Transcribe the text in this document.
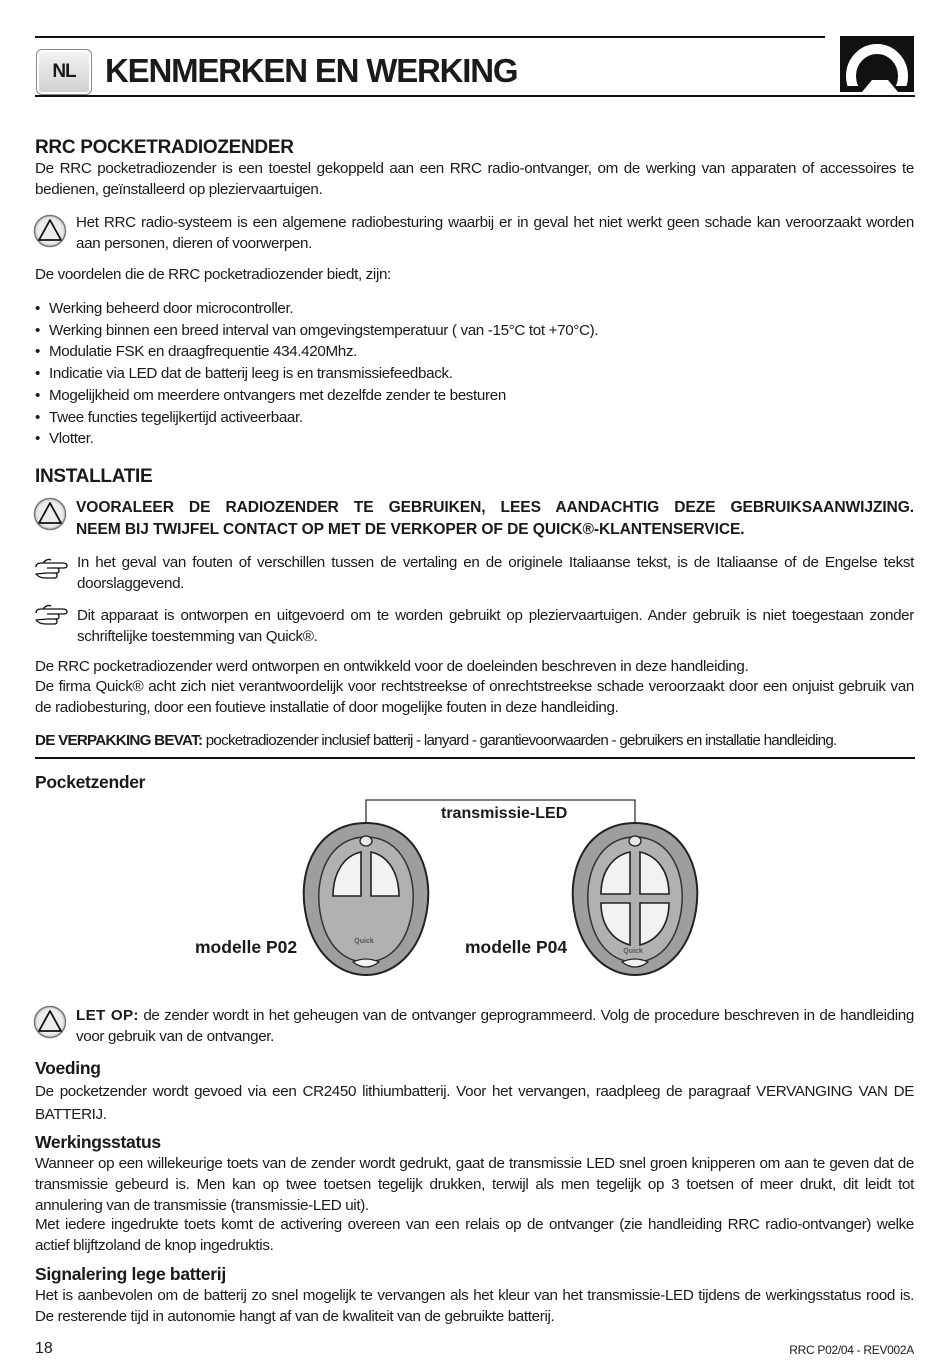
NL KENMERKEN EN WERKING
RRC POCKETRADIOZENDER
De RRC pocketradiozender is een toestel gekoppeld aan een RRC radio-ontvanger, om de werking van apparaten of accessoires te bedienen, geïnstalleerd op pleziervaartuigen.
Het RRC radio-systeem is een algemene radiobesturing waarbij er in geval het niet werkt geen schade kan veroorzaakt worden aan personen, dieren of voorwerpen.
De voordelen die de RRC pocketradiozender biedt, zijn:
• Werking beheerd door microcontroller.
• Werking binnen een breed interval van omgevingstemperatuur ( van -15°C tot +70°C).
• Modulatie FSK en draagfrequentie 434.420Mhz.
• Indicatie via LED dat de batterij leeg is en transmissiefeedback.
• Mogelijkheid om meerdere ontvangers met dezelfde zender te besturen
• Twee functies tegelijkertijd activeerbaar.
• Vlotter.
INSTALLATIE
VOORALEER DE RADIOZENDER TE GEBRUIKEN, LEES AANDACHTIG DEZE GEBRUIKSAANWIJZING.
NEEM BIJ TWIJFEL CONTACT OP MET DE VERKOPER OF DE QUICK®-KLANTENSERVICE.
In het geval van fouten of verschillen tussen de vertaling en de originele Italiaanse tekst, is de Italiaanse of de Engelse tekst doorslaggevend.
Dit apparaat is ontworpen en uitgevoerd om te worden gebruikt op pleziervaartuigen. Ander gebruik is niet toegestaan zonder schriftelijke toestemming van Quick®.
De RRC pocketradiozender werd ontworpen en ontwikkeld voor de doeleinden beschreven in deze handleiding.
De firma Quick® acht zich niet verantwoordelijk voor rechtstreekse of onrechtstreekse schade veroorzaakt door een onjuist gebruik van de radiobesturing, door een foutieve installatie of door mogelijke fouten in deze handleiding.
DE VERPAKKING BEVAT: pocketradiozender inclusief batterij - lanyard - garantievoorwaarden - gebruikers en installatie handleiding.
Pocketzender
Quick
Quick
transmissie-LED
modelle P02	modelle P04
LET OP: de zender wordt in het geheugen van de ontvanger geprogrammeerd. Volg de procedure beschreven in de handleiding voor gebruik van de ontvanger.
Voeding
De pocketzender wordt gevoed via een CR2450 lithiumbatterij. Voor het vervangen, raadpleeg de paragraaf VERVANGING VAN DE BATTERIJ.
Werkingsstatus
Wanneer op een willekeurige toets van de zender wordt gedrukt, gaat de transmissie LED snel groen knipperen om aan te geven dat de transmissie gebeurd is. Men kan op twee toetsen tegelijk drukken, terwijl als men tegelijk op 3 toetsen of meer drukt, dit leidt tot annulering van de transmissie (transmissie-LED uit).
Met iedere ingedrukte toets komt de activering overeen van een relais op de ontvanger (zie handleiding RRC radio-ontvanger) welke actief blijftzoland de knop ingedruktis.
Signalering lege batterij
Het is aanbevolen om de batterij zo snel mogelijk te vervangen als het kleur van het transmissie-LED tijdens de werkingsstatus rood is. De resterende tijd in autonomie hangt af van de kwaliteit van de gebruikte batterij.
18	RRC P02/04 - REV002A
